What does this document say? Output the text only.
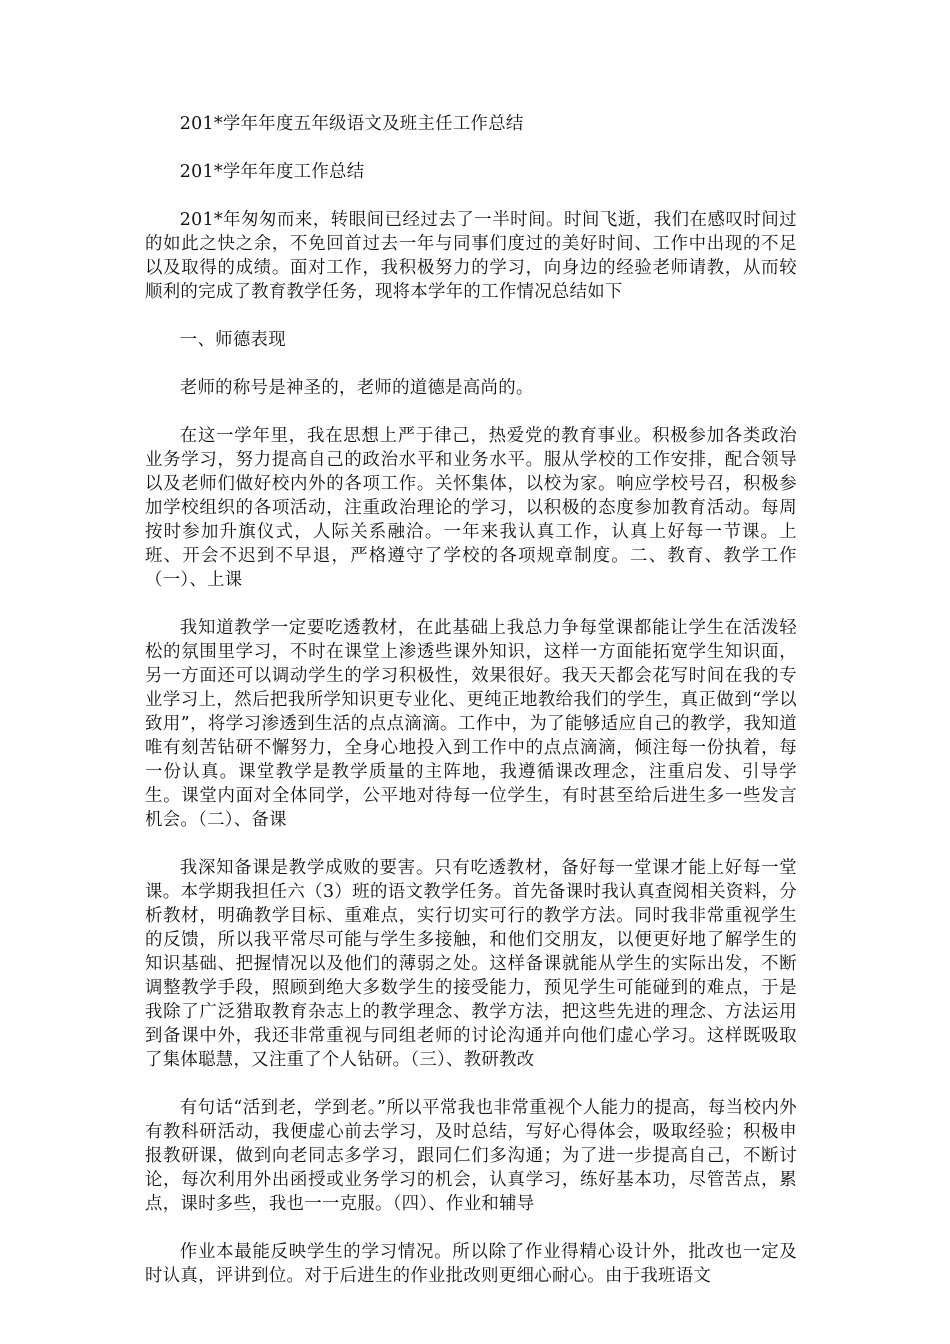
201*学年年度五年级语文及班主任工作总结

201*学年年度工作总结

201*年匆匆而来，转眼间已经过去了一半时间。时间飞逝，我们在感叹时间过的如此之快之余，不免回首过去一年与同事们度过的美好时间、工作中出现的不足以及取得的成绩。面对工作，我积极努力的学习，向身边的经验老师请教，从而较顺利的完成了教育教学任务，现将本学年的工作情况总结如下

一、师德表现

老师的称号是神圣的，老师的道德是高尚的。

在这一学年里，我在思想上严于律己，热爱党的教育事业。积极参加各类政治业务学习，努力提高自己的政治水平和业务水平。服从学校的工作安排，配合领导以及老师们做好校内外的各项工作。关怀集体，以校为家。响应学校号召，积极参加学校组织的各项活动，注重政治理论的学习，以积极的态度参加教育活动。每周按时参加升旗仪式，人际关系融洽。一年来我认真工作，认真上好每一节课。上班、开会不迟到不早退，严格遵守了学校的各项规章制度。二、教育、教学工作（一）、上课

我知道教学一定要吃透教材，在此基础上我总力争每堂课都能让学生在活泼轻松的氛围里学习，不时在课堂上渗透些课外知识，这样一方面能拓宽学生知识面，另一方面还可以调动学生的学习积极性，效果很好。我天天都会花写时间在我的专业学习上，然后把我所学知识更专业化、更纯正地教给我们的学生，真正做到“学以致用”，将学习渗透到生活的点点滴滴。工作中，为了能够适应自己的教学，我知道唯有刻苦钻研不懈努力，全身心地投入到工作中的点点滴滴，倾注每一份执着，每一份认真。课堂教学是教学质量的主阵地，我遵循课改理念，注重启发、引导学生。课堂内面对全体同学，公平地对待每一位学生，有时甚至给后进生多一些发言机会。（二）、备课

我深知备课是教学成败的要害。只有吃透教材，备好每一堂课才能上好每一堂课。本学期我担任六（3）班的语文教学任务。首先备课时我认真查阅相关资料，分析教材，明确教学目标、重难点，实行切实可行的教学方法。同时我非常重视学生的反馈，所以我平常尽可能与学生多接触，和他们交朋友，以便更好地了解学生的知识基础、把握情况以及他们的薄弱之处。这样备课就能从学生的实际出发，不断调整教学手段，照顾到绝大多数学生的接受能力，预见学生可能碰到的难点，于是我除了广泛猎取教育杂志上的教学理念、教学方法，把这些先进的理念、方法运用到备课中外，我还非常重视与同组老师的讨论沟通并向他们虚心学习。这样既吸取了集体聪慧，又注重了个人钻研。（三）、教研教改

有句话“活到老，学到老。”所以平常我也非常重视个人能力的提高，每当校内外有教科研活动，我便虚心前去学习，及时总结，写好心得体会，吸取经验；积极申报教研课，做到向老同志多学习，跟同仁们多沟通；为了进一步提高自己，不断讨论，每次利用外出函授或业务学习的机会，认真学习，练好基本功，尽管苦点，累点，课时多些，我也一一克服。（四）、作业和辅导

作业本最能反映学生的学习情况。所以除了作业得精心设计外，批改也一定及时认真，评讲到位。对于后进生的作业批改则更细心耐心。由于我班语文
